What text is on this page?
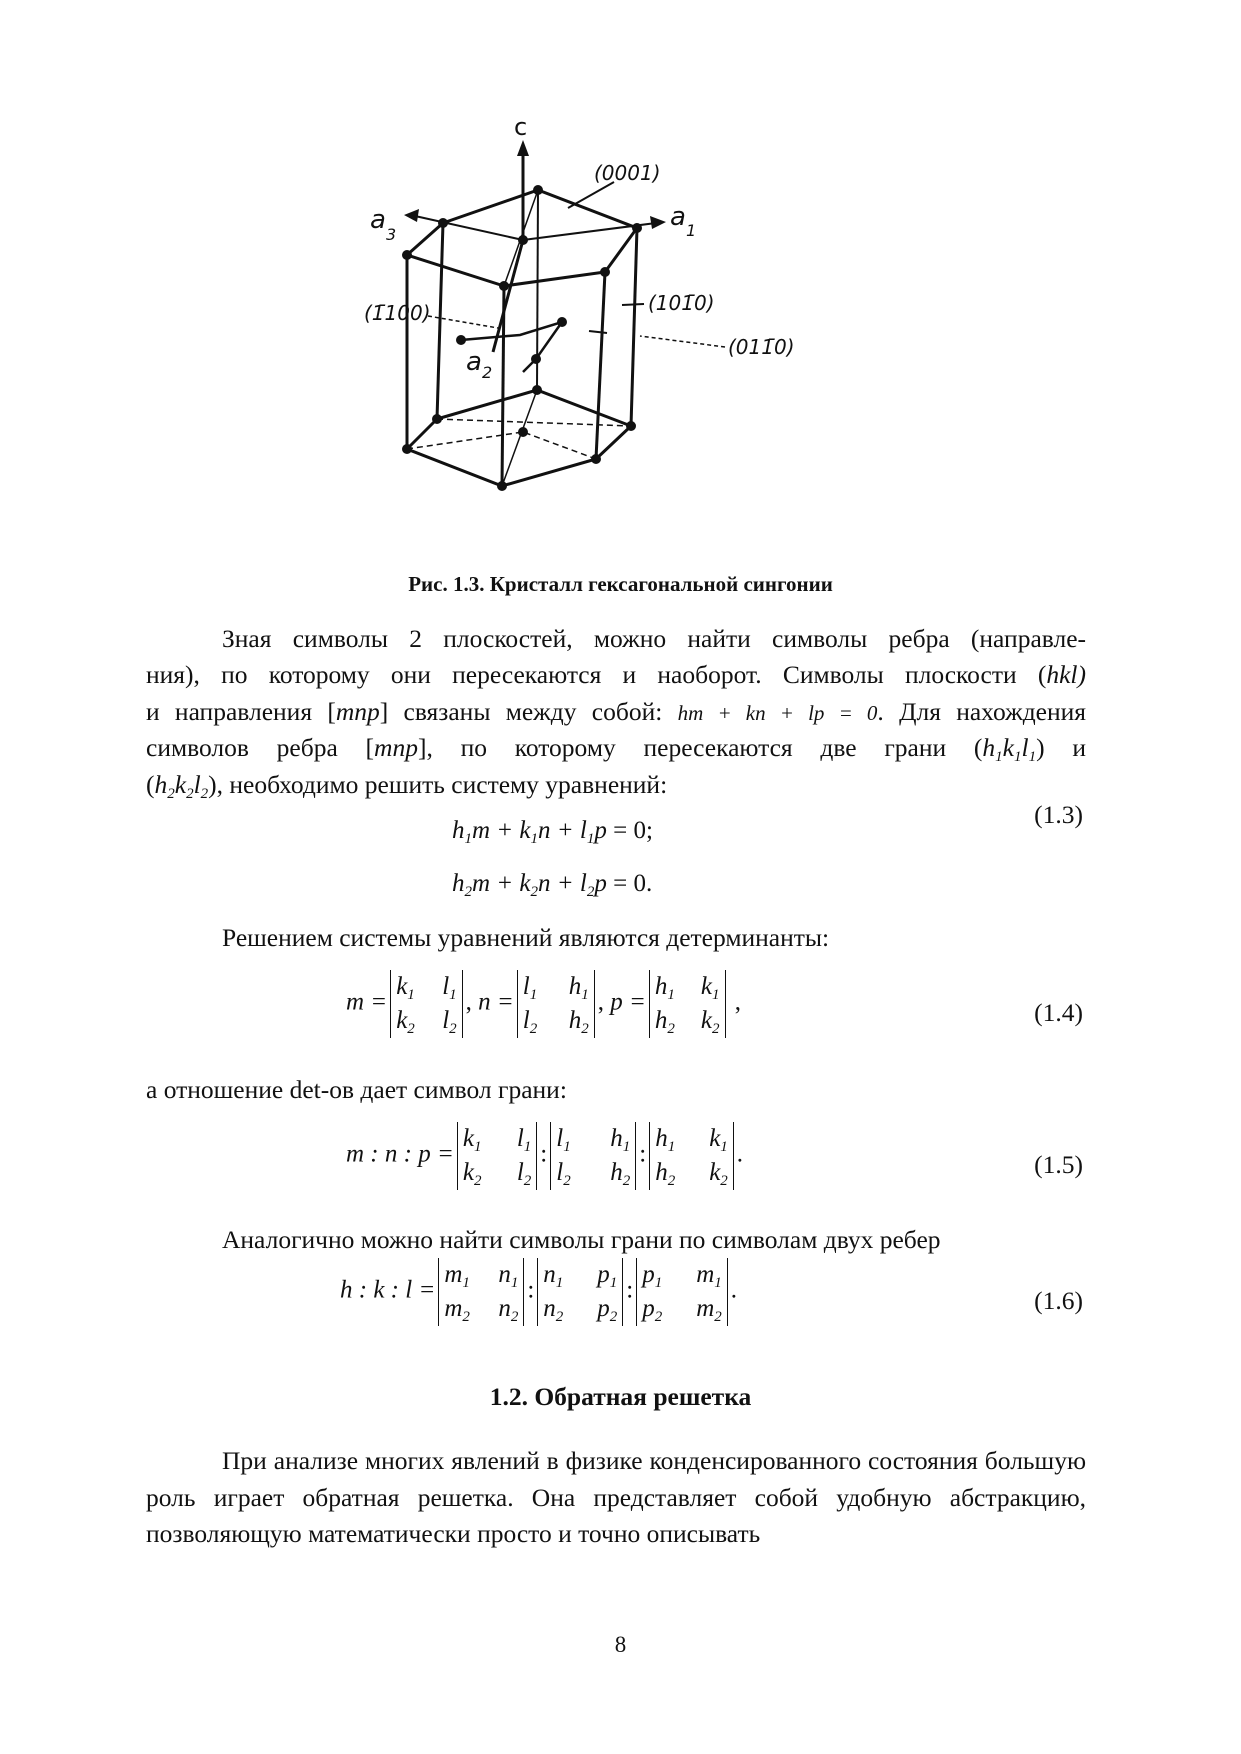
c
a 1
a 3
a 2
(0001)
(1̄100)	(101̄0)
(011̄0)
Рис. 1.3. Кристалл гексагональной сингонии
Зная символы 2 плоскостей, можно найти символы ребра (направле-
ния), по которому они пересекаются и наоборот. Символы плоскости (hkl)
и направления [mnp] связаны между собой: hm + kn + lp = 0. Для нахождения
символов ребра [mnp], по которому пересекаются две грани $(h_1k_1l_1)$ и
$(h_2k_2l_2)$, необходимо решить систему уравнений:
(1.3)
$h_1m + k_1n + l_1p = 0$;
$h_2m + k_2n + l_2p = 0$.
Решением системы уравнений являются детерминанты:
m =
$k_1$ $l_1$
$k_2$ $l_2$
, n =
$l_1$ $h_1$
$l_2$ $h_2$
, p =
$h_1$ $k_1$
$h_2$ $k_2$
,	(1.4)
а отношение det-ов дает символ грани:
m : n : p =
$k_1$ $l_1$
$k_2$ $l_2$
:
$l_1$ $h_1$
$l_2$ $h_2$
:
$h_1$ $k_1$
$h_2$ $k_2$
.	(1.5)
Аналогично можно найти символы грани по символам двух ребер
h : k : l =
$m_1$ $n_1$
$m_2$ $n_2$
:
$n_1$ $p_1$
$n_2$ $p_2$
:
$p_1$ $m_1$
$p_2$ $m_2$
.	(1.6)
1.2. Обратная решетка
При анализе многих явлений в физике конденсированного состояния большую роль играет обратная решетка. Она представляет собой удобную абстракцию, позволяющую математически просто и точно описывать
8
